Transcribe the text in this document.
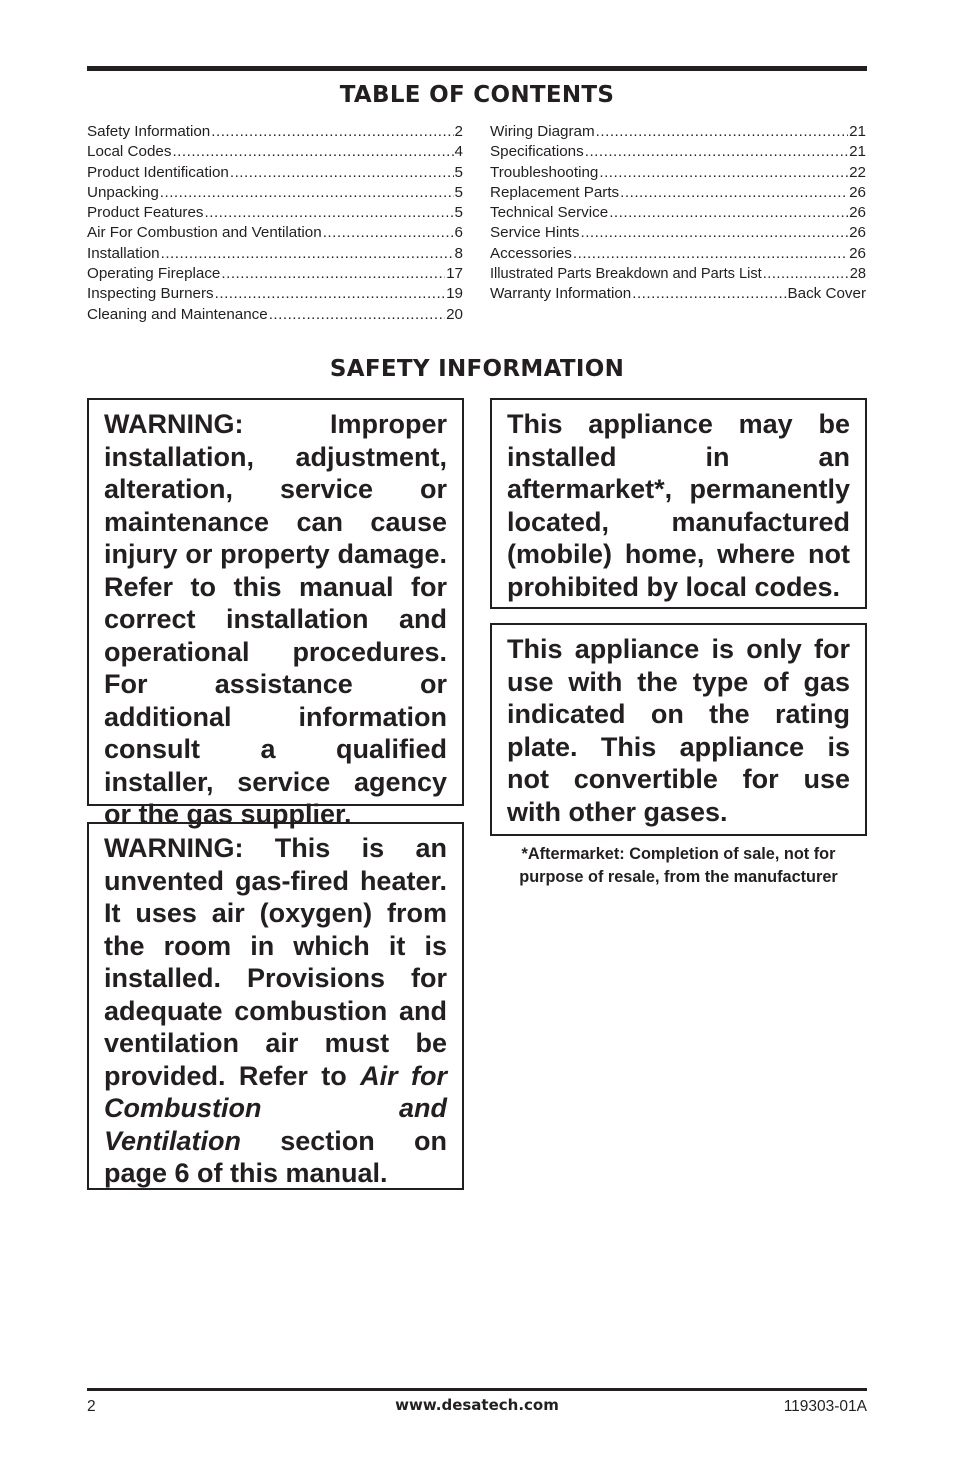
TABLE OF CONTENTS
Safety Information .....	2
Local Codes .....	4
Product Identification .....	5
Unpacking .....	5
Product Features .....	5
Air For Combustion and Ventilation .....	6
Installation .....	8
Operating Fireplace .....	17
Inspecting Burners .....	19
Cleaning and Maintenance .....	20
Wiring Diagram .....	21
Specifications .....	21
Troubleshooting .....	22
Replacement Parts .....	26
Technical Service .....	26
Service Hints .....	26
Accessories .....	26
Illustrated Parts Breakdown and Parts List .....	28
Warranty Information .....	Back Cover
SAFETY INFORMATION
WARNING: Improper installation, adjustment, alteration, service or maintenance can cause injury or property damage. Refer to this manual for correct installation and operational procedures. For assistance or additional information consult a qualified installer, service agency or the gas supplier.
WARNING: This is an unvented gas-fired heater. It uses air (oxygen) from the room in which it is installed. Provisions for adequate combustion and ventilation air must be provided. Refer to Air for Combustion and Ventilation section on page 6 of this manual.
This appliance may be installed in an aftermarket*, permanently located, manufactured (mobile) home, where not prohibited by local codes.
This appliance is only for use with the type of gas indicated on the rating plate. This appliance is not convertible for use with other gases.
*Aftermarket: Completion of sale, not for purpose of resale, from the manufacturer
2	www.desatech.com	119303-01A
